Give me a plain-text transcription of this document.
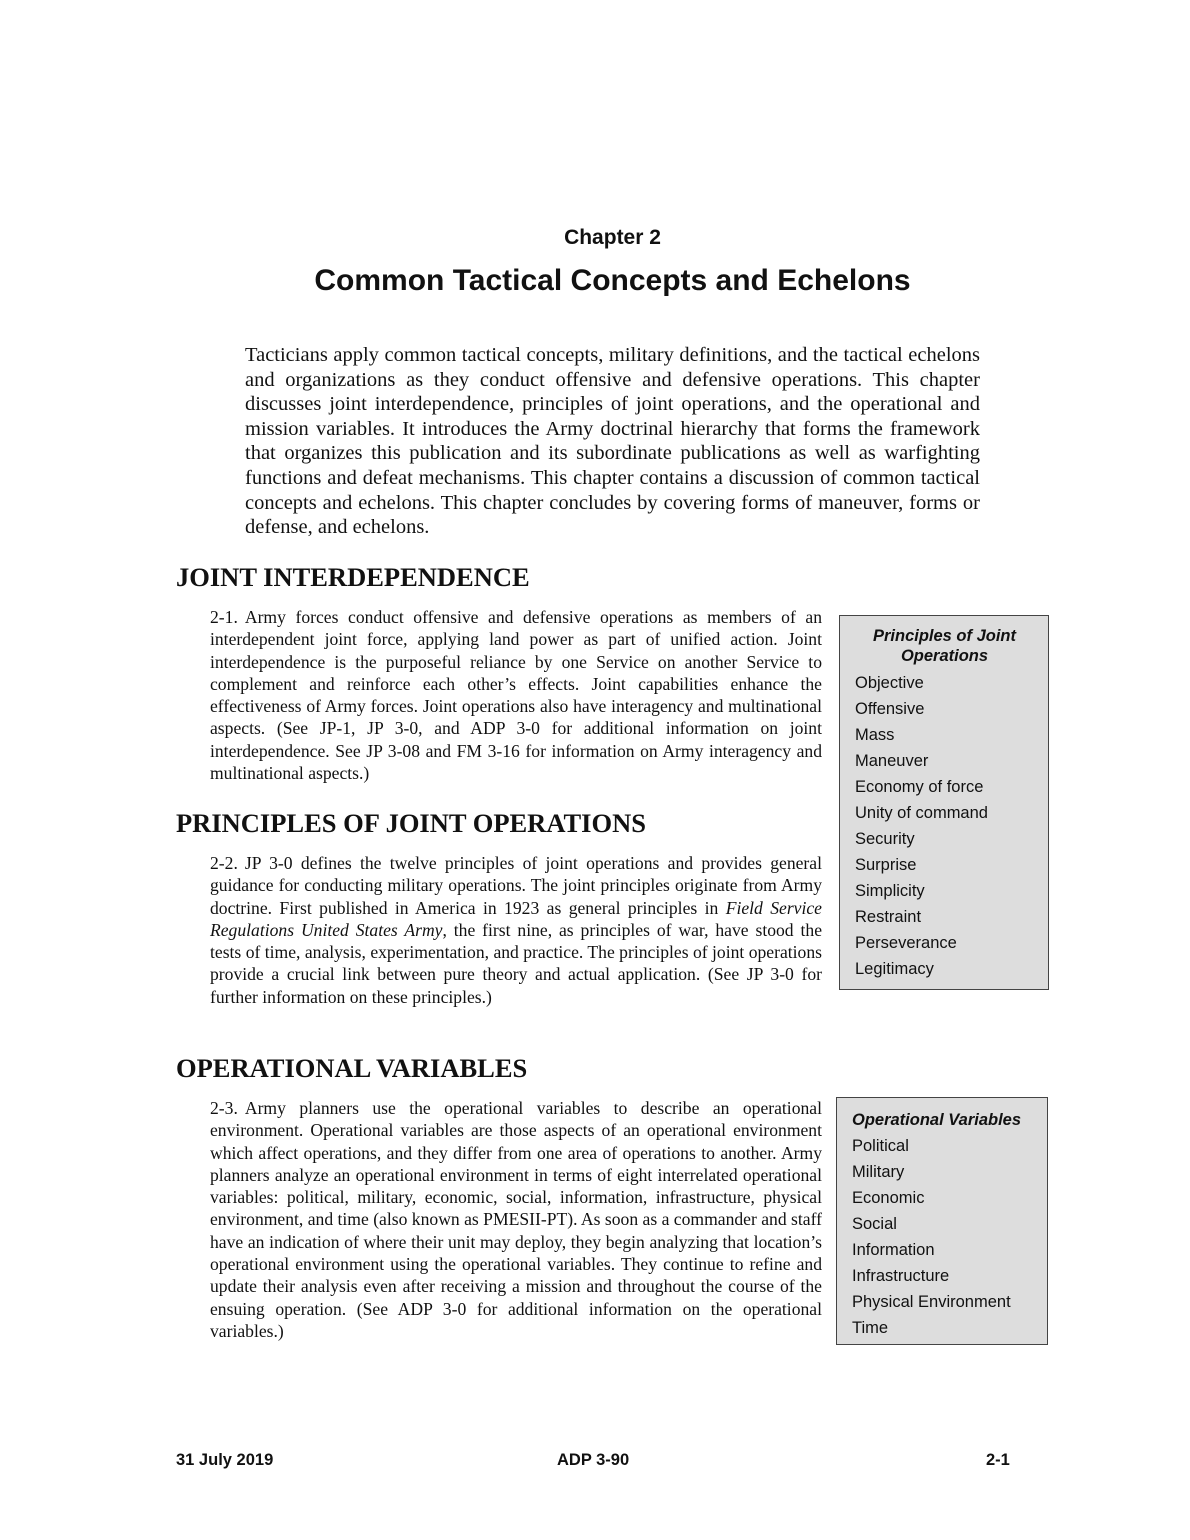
Chapter 2
Common Tactical Concepts and Echelons
Tacticians apply common tactical concepts, military definitions, and the tactical echelons and organizations as they conduct offensive and defensive operations. This chapter discusses joint interdependence, principles of joint operations, and the operational and mission variables. It introduces the Army doctrinal hierarchy that forms the framework that organizes this publication and its subordinate publications as well as warfighting functions and defeat mechanisms. This chapter contains a discussion of common tactical concepts and echelons. This chapter concludes by covering forms of maneuver, forms or defense, and echelons.
JOINT INTERDEPENDENCE
2-1. Army forces conduct offensive and defensive operations as members of an interdependent joint force, applying land power as part of unified action. Joint interdependence is the purposeful reliance by one Service on another Service to complement and reinforce each other’s effects. Joint capabilities enhance the effectiveness of Army forces. Joint operations also have interagency and multinational aspects. (See JP-1, JP 3-0, and ADP 3-0 for additional information on joint interdependence. See JP 3-08 and FM 3-16 for information on Army interagency and multinational aspects.)
PRINCIPLES OF JOINT OPERATIONS
2-2. JP 3-0 defines the twelve principles of joint operations and provides general guidance for conducting military operations. The joint principles originate from Army doctrine. First published in America in 1923 as general principles in Field Service Regulations United States Army, the first nine, as principles of war, have stood the tests of time, analysis, experimentation, and practice. The principles of joint operations provide a crucial link between pure theory and actual application. (See JP 3-0 for further information on these principles.)
OPERATIONAL VARIABLES
2-3. Army planners use the operational variables to describe an operational environment. Operational variables are those aspects of an operational environment which affect operations, and they differ from one area of operations to another. Army planners analyze an operational environment in terms of eight interrelated operational variables: political, military, economic, social, information, infrastructure, physical environment, and time (also known as PMESII-PT). As soon as a commander and staff have an indication of where their unit may deploy, they begin analyzing that location’s operational environment using the operational variables. They continue to refine and update their analysis even after receiving a mission and throughout the course of the ensuing operation. (See ADP 3-0 for additional information on the operational variables.)
Principles of Joint Operations
Objective
Offensive
Mass
Maneuver
Economy of force
Unity of command
Security
Surprise
Simplicity
Restraint
Perseverance
Legitimacy
Operational Variables
Political
Military
Economic
Social
Information
Infrastructure
Physical Environment
Time
31 July 2019	ADP 3-90	2-1
